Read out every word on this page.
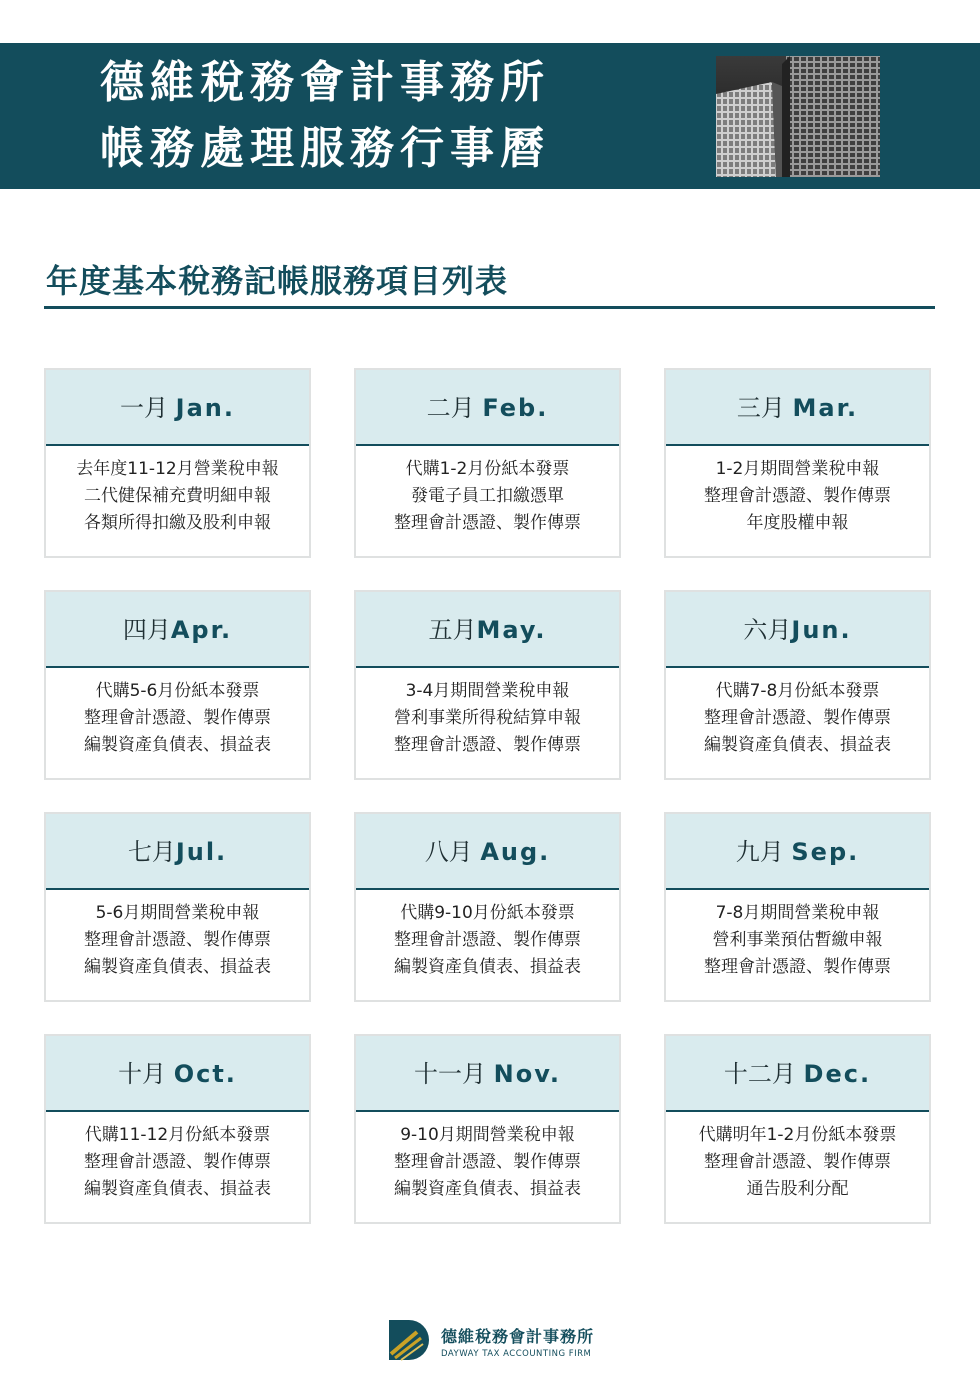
德維稅務會計事務所
帳務處理服務行事曆
年度基本稅務記帳服務項目列表
一月 Jan.
去年度11-12月營業稅申報
二代健保補充費明細申報
各類所得扣繳及股利申報
二月 Feb.
代購1-2月份紙本發票
發電子員工扣繳憑單
整理會計憑證、製作傳票
三月 Mar.
1-2月期間營業稅申報
整理會計憑證、製作傳票
年度股權申報
四月Apr.
代購5-6月份紙本發票
整理會計憑證、製作傳票
編製資產負債表、損益表
五月May.
3-4月期間營業稅申報
營利事業所得稅結算申報
整理會計憑證、製作傳票
六月Jun.
代購7-8月份紙本發票
整理會計憑證、製作傳票
編製資產負債表、損益表
七月Jul.
5-6月期間營業稅申報
整理會計憑證、製作傳票
編製資產負債表、損益表
八月 Aug.
代購9-10月份紙本發票
整理會計憑證、製作傳票
編製資產負債表、損益表
九月 Sep.
7-8月期間營業稅申報
營利事業預估暫繳申報
整理會計憑證、製作傳票
十月 Oct.
代購11-12月份紙本發票
整理會計憑證、製作傳票
編製資產負債表、損益表
十一月 Nov.
9-10月期間營業稅申報
整理會計憑證、製作傳票
編製資產負債表、損益表
十二月 Dec.
代購明年1-2月份紙本發票
整理會計憑證、製作傳票
通告股利分配
德維稅務會計事務所
DAYWAY TAX ACCOUNTING FIRM
